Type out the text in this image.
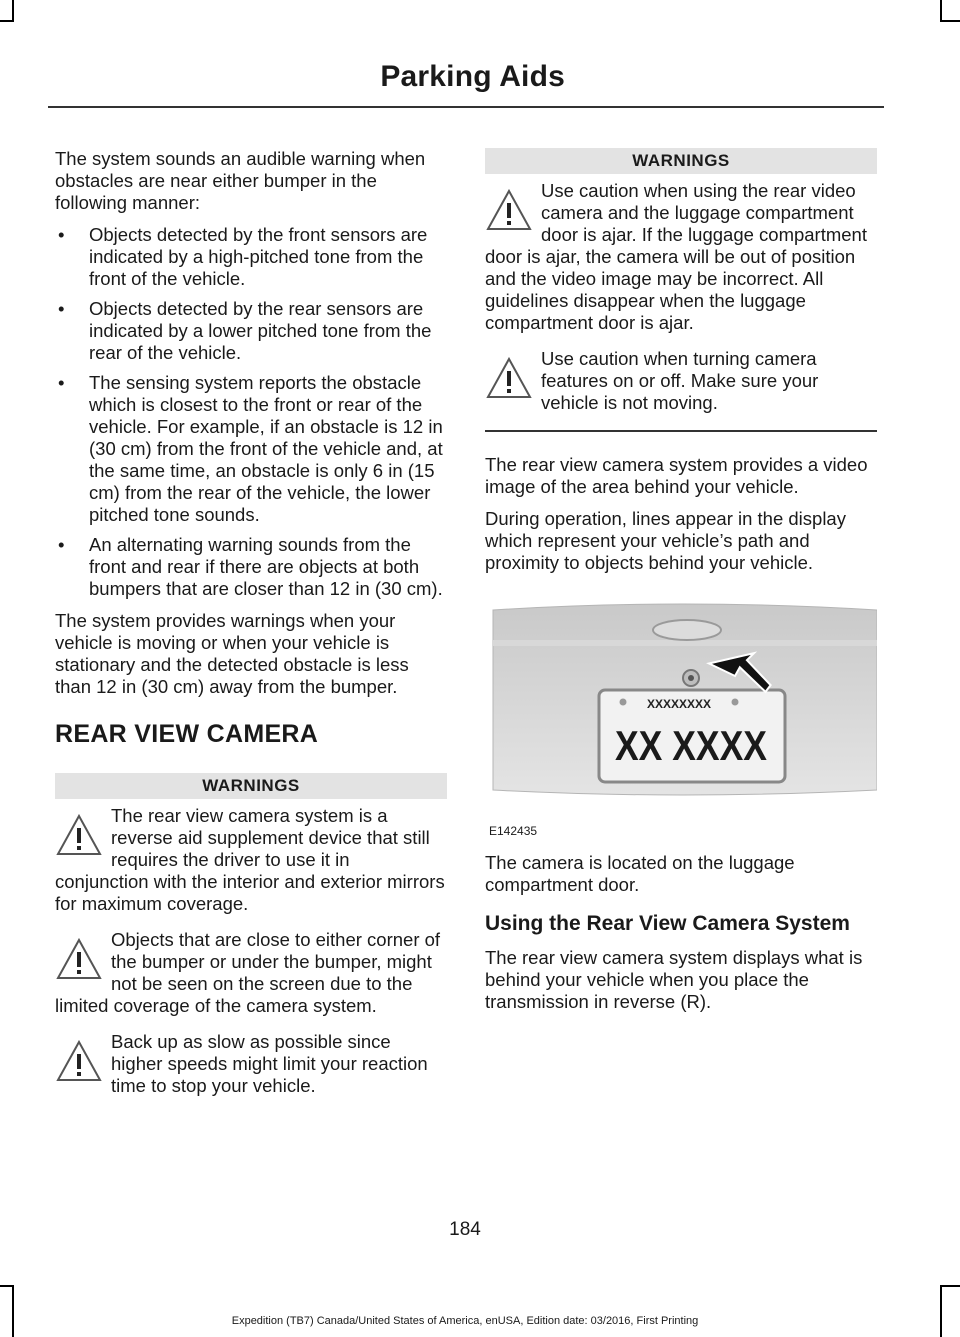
Parking Aids

The system sounds an audible warning when obstacles are near either bumper in the following manner:

• Objects detected by the front sensors are indicated by a high-pitched tone from the front of the vehicle.
• Objects detected by the rear sensors are indicated by a lower pitched tone from the rear of the vehicle.
• The sensing system reports the obstacle which is closest to the front or rear of the vehicle. For example, if an obstacle is 12 in (30 cm) from the front of the vehicle and, at the same time, an obstacle is only 6 in (15 cm) from the rear of the vehicle, the lower pitched tone sounds.
• An alternating warning sounds from the front and rear if there are objects at both bumpers that are closer than 12 in (30 cm).

The system provides warnings when your vehicle is moving or when your vehicle is stationary and the detected obstacle is less than 12 in (30 cm) away from the bumper.

REAR VIEW CAMERA
WARNINGS
The rear view camera system is a reverse aid supplement device that still requires the driver to use it in conjunction with the interior and exterior mirrors for maximum coverage.
Objects that are close to either corner of the bumper or under the bumper, might not be seen on the screen due to the limited coverage of the camera system.
Back up as slow as possible since higher speeds might limit your reaction time to stop your vehicle.
WARNINGS
Use caution when using the rear video camera and the luggage compartment door is ajar. If the luggage compartment door is ajar, the camera will be out of position and the video image may be incorrect. All guidelines disappear when the luggage compartment door is ajar.
Use caution when turning camera features on or off. Make sure your vehicle is not moving.

The rear view camera system provides a video image of the area behind your vehicle.

During operation, lines appear in the display which represent your vehicle’s path and proximity to objects behind your vehicle.

XXXXXXXX
XX XXXX
E142435

The camera is located on the luggage compartment door.

Using the Rear View Camera System

The rear view camera system displays what is behind your vehicle when you place the transmission in reverse (R).

184
Expedition (TB7) Canada/United States of America, enUSA, Edition date: 03/2016, First Printing
